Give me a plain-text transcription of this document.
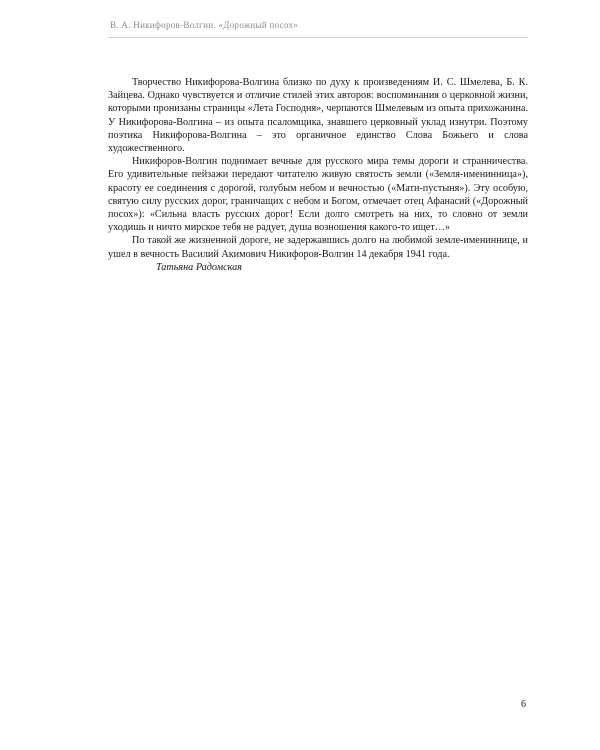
В. А. Никифоров-Волгин. «Дорожный посох»

Творчество Никифорова-Волгина близко по духу к произведениям И. С. Шмелева, Б. К. Зайцева. Однако чувствуется и отличие стилей этих авторов: воспоминания о церковной жизни, которыми пронизаны страницы «Лета Господня», черпаются Шмелевым из опыта прихожанина. У Никифорова-Волгина – из опыта псаломщика, знавшего церковный уклад изнутри. Поэтому поэтика Никифорова-Волгина – это органичное единство Слова Божьего и слова художественного.

Никифоров-Волгин поднимает вечные для русского мира темы дороги и странничества. Его удивительные пейзажи передают читателю живую святость земли («Земля-именинница»), красоту ее соединения с дорогой, голубым небом и вечностью («Мати-пустыня»). Эту особую, святую силу русских дорог, граничащих с небом и Богом, отмечает отец Афанасий («Дорожный посох»): «Сильна власть русских дорог! Если долго смотреть на них, то словно от земли уходишь и ничто мирское тебя не радует, душа возношения какого-то ищет…»

По такой же жизненной дороге, не задержавшись долго на любимой земле-имениннице, и ушел в вечность Василий Акимович Никифоров-Волгин 14 декабря 1941 года.

Татьяна Радомская

6
